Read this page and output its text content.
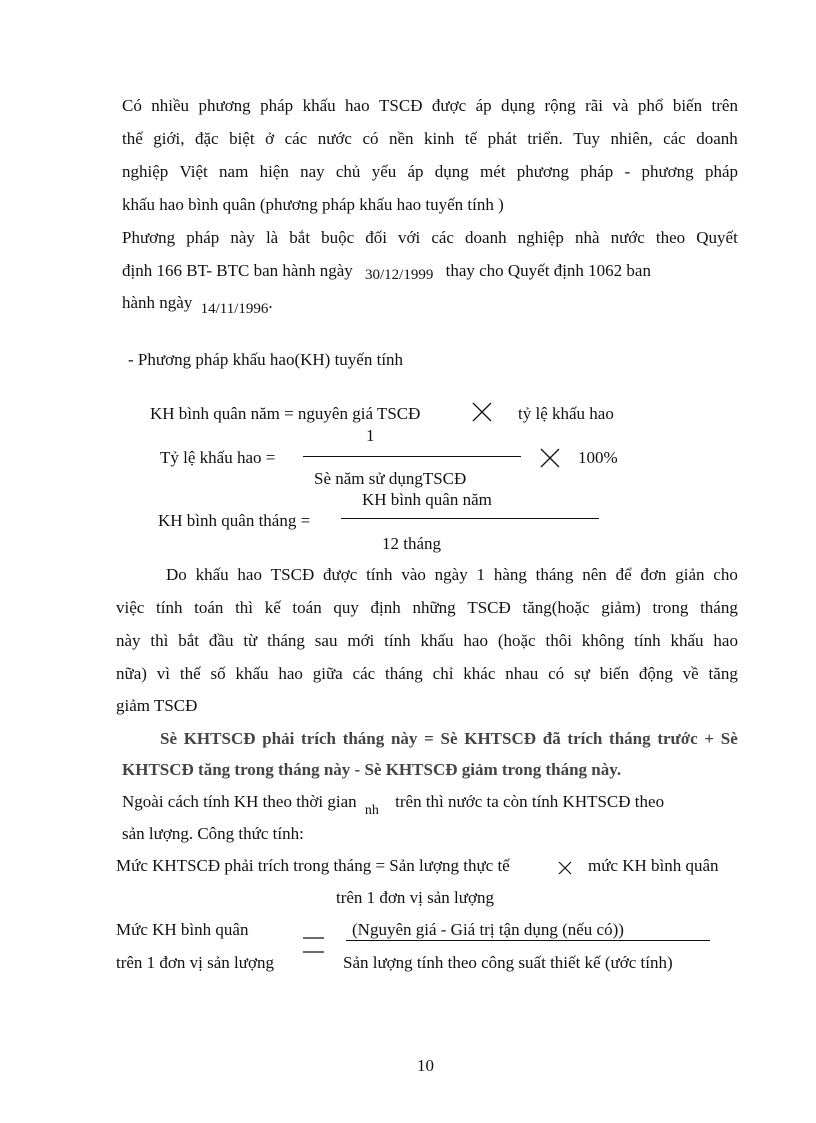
Có nhiều phương pháp khấu hao TSCĐ được áp dụng rộng rãi và phổ biến trên
thế giới, đặc biệt ở các nước có nền kinh tế phát triển. Tuy nhiên, các doanh
nghiệp Việt nam hiện nay chủ yếu áp dụng mét phương pháp - phương pháp
khấu hao bình quân (phương pháp khấu hao tuyến tính )
Phương pháp này là bắt buộc đối với các doanh nghiệp nhà nước theo Quyết
định 166 BT- BTC ban hành ngày 30/12/1999 thay cho Quyết định 1062 ban
hành ngày 14/11/1996.
- Phương pháp khấu hao(KH) tuyến tính
KH bình quân năm = nguyên giá TSCĐ	tỷ lệ khấu hao
1
Tỷ lệ khấu hao =
Sè năm sử dụngTSCĐ
100%
KH bình quân năm
KH bình quân tháng =
12 tháng
Do khấu hao TSCĐ được tính vào ngày 1 hàng tháng nên để đơn giản cho
việc tính toán thì kế toán quy định những TSCĐ tăng(hoặc giảm) trong tháng
này thì bắt đầu từ tháng sau mới tính khấu hao (hoặc thôi không tính khấu hao
nữa) vì thế số khấu hao giữa các tháng chỉ khác nhau có sự biến động về tăng
giảm TSCĐ
Sè KHTSCĐ phải trích tháng này = Sè KHTSCĐ đã trích tháng trước + Sè
KHTSCĐ tăng trong tháng này - Sè KHTSCĐ giảm trong tháng này.
Ngoài cách tính KH theo thời gian $_{nh}$ trên thì nước ta còn tính KHTSCĐ theo
sản lượng. Công thức tính:
Mức KHTSCĐ phải trích trong tháng = Sản lượng thực tế	mức KH bình quân
trên 1 đơn vị sản lượng
Mức KH bình quân
trên 1 đơn vị sản lượng
(Nguyên giá - Giá trị tận dụng (nếu có))
Sản lượng tính theo công suất thiết kế (ước tính)
10
